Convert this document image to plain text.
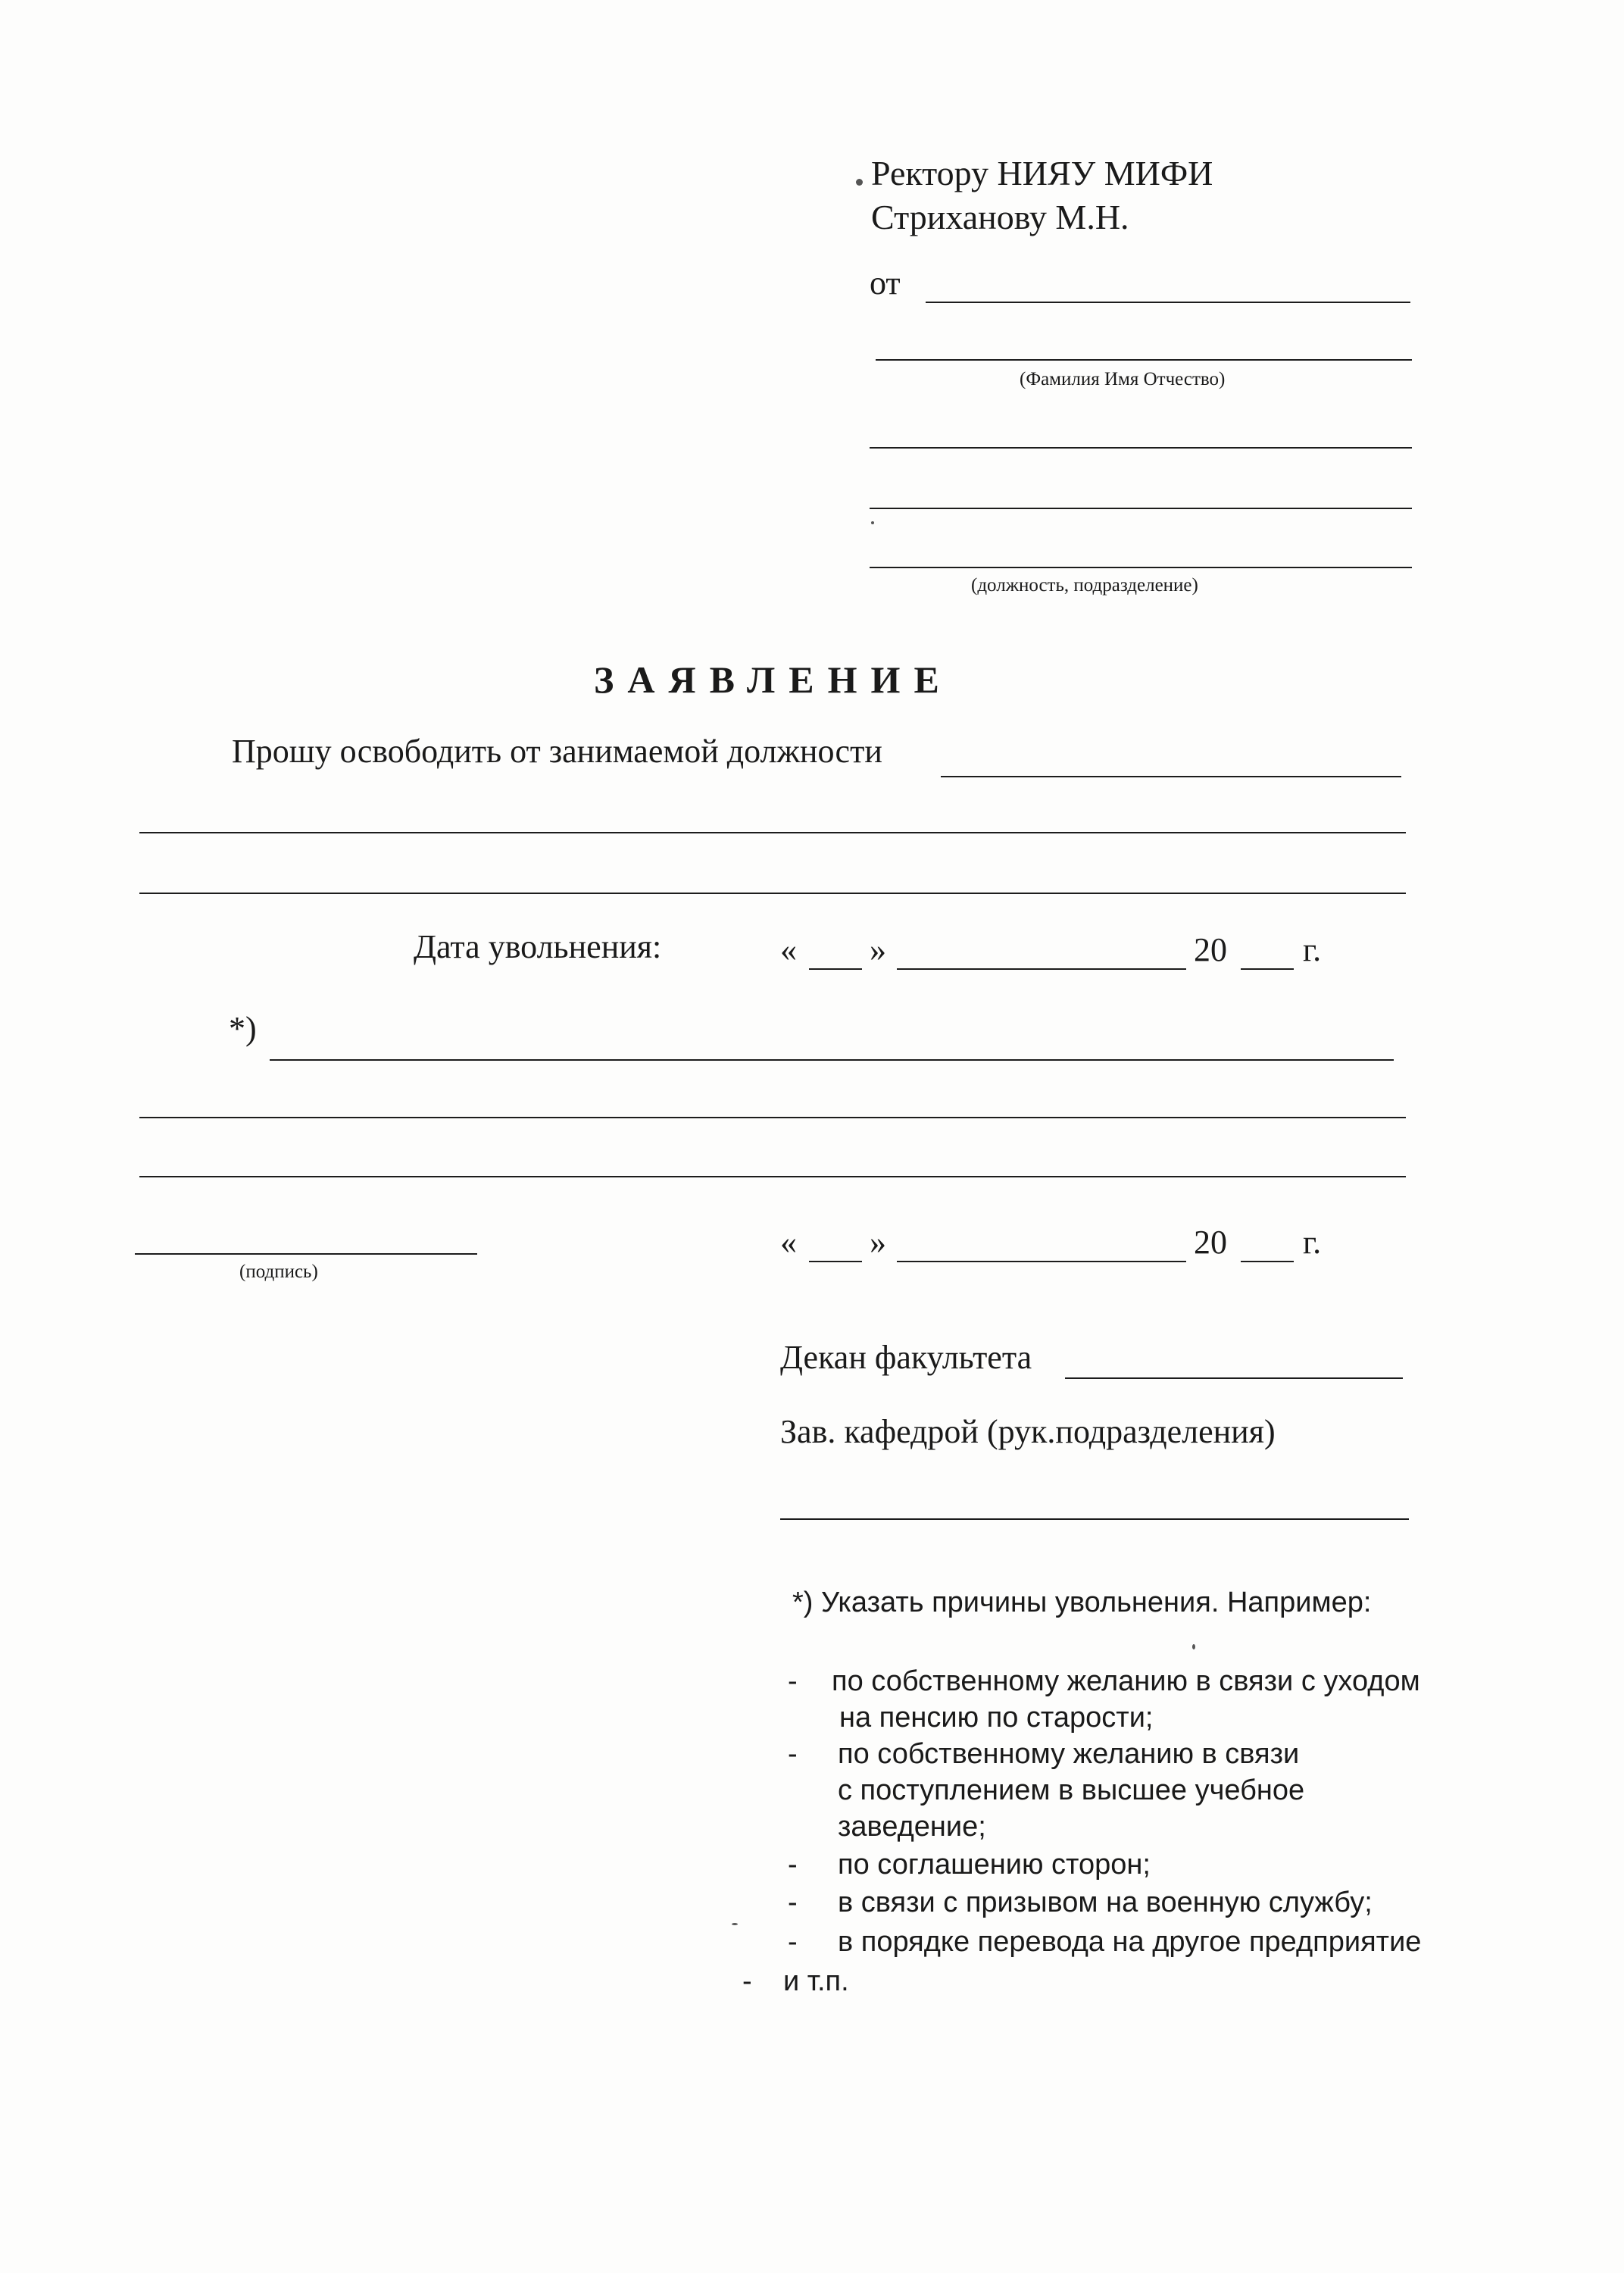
Ректору НИЯУ МИФИ
Стриханову М.Н.
от
(Фамилия Имя Отчество)
(должность, подразделение)
ЗАЯВЛЕНИЕ
Прошу освободить от занимаемой должности
Дата увольнения:	« »	20 г.
*)
(подпись)
« »	20 г.
Декан факультета
Зав. кафедрой (рук.подразделения)
*) Указать причины увольнения. Например:
- по собственному желанию в связи с уходом
на пенсию по старости;
- по собственному желанию в связи
с поступлением в высшее учебное
заведение;
- по соглашению сторон;
- в связи с призывом на военную службу;
- в порядке перевода на другое предприятие
- и т.п.
